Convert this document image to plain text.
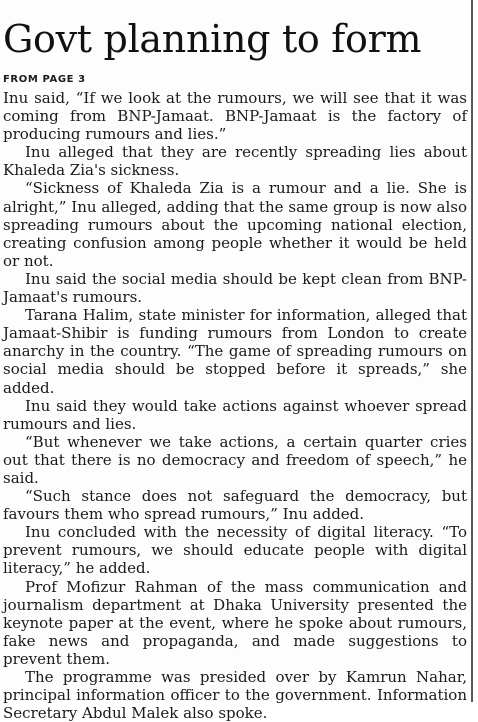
Govt planning to form
FROM PAGE 3

Inu said, “If we look at the rumours, we will see that it was coming from BNP-Jamaat. BNP-Jamaat is the factory of producing rumours and lies.”

Inu alleged that they are recently spreading lies about Khaleda Zia's sickness.

“Sickness of Khaleda Zia is a rumour and a lie. She is alright,” Inu alleged, adding that the same group is now also spreading rumours about the upcoming national election, creating confusion among people whether it would be held or not.

Inu said the social media should be kept clean from BNP-Jamaat's rumours.

Tarana Halim, state minister for information, alleged that Jamaat-Shibir is funding rumours from London to create anarchy in the country. “The game of spreading rumours on social media should be stopped before it spreads,” she added.

Inu said they would take actions against whoever spread rumours and lies.

“But whenever we take actions, a certain quarter cries out that there is no democracy and freedom of speech,” he said.

“Such stance does not safeguard the democracy, but favours them who spread rumours,” Inu added.

Inu concluded with the necessity of digital literacy. “To prevent rumours, we should educate people with digital literacy,” he added.

Prof Mofizur Rahman of the mass communication and journalism department at Dhaka University presented the keynote paper at the event, where he spoke about rumours, fake news and propaganda, and made suggestions to prevent them.

The programme was presided over by Kamrun Nahar, principal information officer to the government. Information Secretary Abdul Malek also spoke.
